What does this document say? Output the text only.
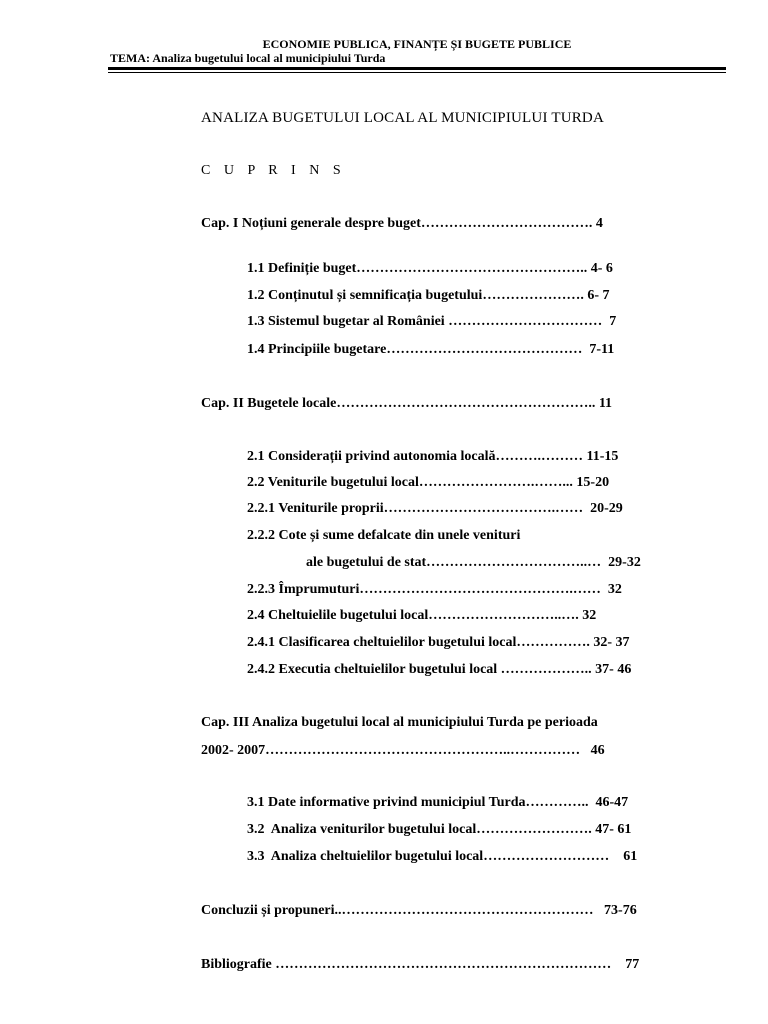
ECONOMIE PUBLICA, FINANȚE ȘI BUGETE PUBLICE
TEMA: Analiza bugetului local al municipiului Turda
ANALIZA BUGETULUI LOCAL AL MUNICIPIULUI TURDA
C U P R I N S
Cap. I Noțiuni generale despre buget………………………………. 4
1.1 Definiție buget………………………………………….. 4- 6
1.2 Conținutul și semnificația bugetului…………………. 6- 7
1.3 Sistemul bugetar al României ……………………………  7
1.4 Principiile bugetare……………………………………  7-11
Cap. II Bugetele locale……………………………………………….. 11
2.1 Considerații privind autonomia locală……….……… 11-15
2.2 Veniturile bugetului local…………………….……... 15-20
2.2.1 Veniturile proprii……………………………….……  20-29
2.2.2 Cote și sume defalcate din unele venituri
ale bugetului de stat……………………………..…  29-32
2.2.3 Împrumuturi……………………………………….……  32
2.4 Cheltuielile bugetului local………………………..…. 32
2.4.1 Clasificarea cheltuielilor bugetului local……………. 32- 37
2.4.2 Executia cheltuielilor bugetului local ……………….. 37- 46
Cap. III Analiza bugetului local al municipiului Turda pe perioada
2002- 2007……………………………………………..……………   46
3.1 Date informative privind municipiul Turda…………..  46-47
3.2  Analiza veniturilor bugetului local……………………. 47- 61
3.3  Analiza cheltuielilor bugetului local………………………    61
Concluzii și propuneri..………………………………………………   73-76
Bibliografie ………………………………………………………………    77
